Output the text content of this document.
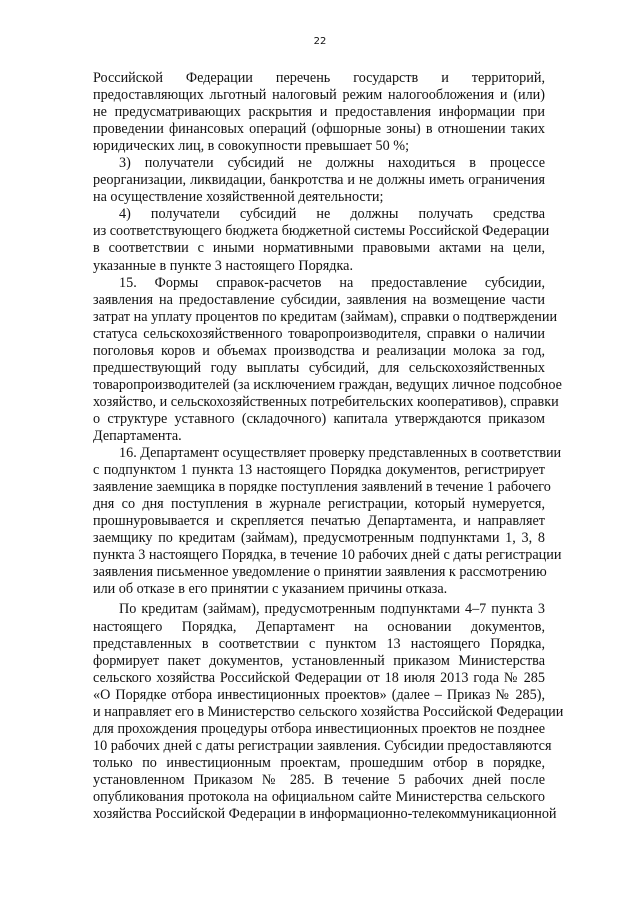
22
Российской Федерации перечень государств и территорий,
предоставляющих льготный налоговый режим налогообложения и (или)
не предусматривающих раскрытия и предоставления информации при
проведении финансовых операций (офшорные зоны) в отношении таких
юридических лиц, в совокупности превышает 50 %;
3) получатели субсидий не должны находиться в процессе
реорганизации, ликвидации, банкротства и не должны иметь ограничения
на осуществление хозяйственной деятельности;
4) получатели субсидий не должны получать средства
из соответствующего бюджета бюджетной системы Российской Федерации
в соответствии с иными нормативными правовыми актами на цели,
указанные в пункте 3 настоящего Порядка.
15. Формы справок-расчетов на предоставление субсидии,
заявления на предоставление субсидии, заявления на возмещение части
затрат на уплату процентов по кредитам (займам), справки о подтверждении
статуса сельскохозяйственного товаропроизводителя, справки о наличии
поголовья коров и объемах производства и реализации молока за год,
предшествующий году выплаты субсидий, для сельскохозяйственных
товаропроизводителей (за исключением граждан, ведущих личное подсобное
хозяйство, и сельскохозяйственных потребительских кооперативов), справки
о структуре уставного (складочного) капитала утверждаются приказом
Департамента.
16. Департамент осуществляет проверку представленных в соответствии
с подпунктом 1 пункта 13 настоящего Порядка документов, регистрирует
заявление заемщика в порядке поступления заявлений в течение 1 рабочего
дня со дня поступления в журнале регистрации, который нумеруется,
прошнуровывается и скрепляется печатью Департамента, и направляет
заемщику по кредитам (займам), предусмотренным подпунктами 1, 3, 8
пункта 3 настоящего Порядка, в течение 10 рабочих дней с даты регистрации
заявления письменное уведомление о принятии заявления к рассмотрению
или об отказе в его принятии с указанием причины отказа.
По кредитам (займам), предусмотренным подпунктами 4–7 пункта 3
настоящего Порядка, Департамент на основании документов,
представленных в соответствии с пунктом 13 настоящего Порядка,
формирует пакет документов, установленный приказом Министерства
сельского хозяйства Российской Федерации от 18 июля 2013 года № 285
«О Порядке отбора инвестиционных проектов» (далее – Приказ № 285),
и направляет его в Министерство сельского хозяйства Российской Федерации
для прохождения процедуры отбора инвестиционных проектов не позднее
10 рабочих дней с даты регистрации заявления. Субсидии предоставляются
только по инвестиционным проектам, прошедшим отбор в порядке,
установленном Приказом № 285. В течение 5 рабочих дней после
опубликования протокола на официальном сайте Министерства сельского
хозяйства Российской Федерации в информационно-телекоммуникационной
